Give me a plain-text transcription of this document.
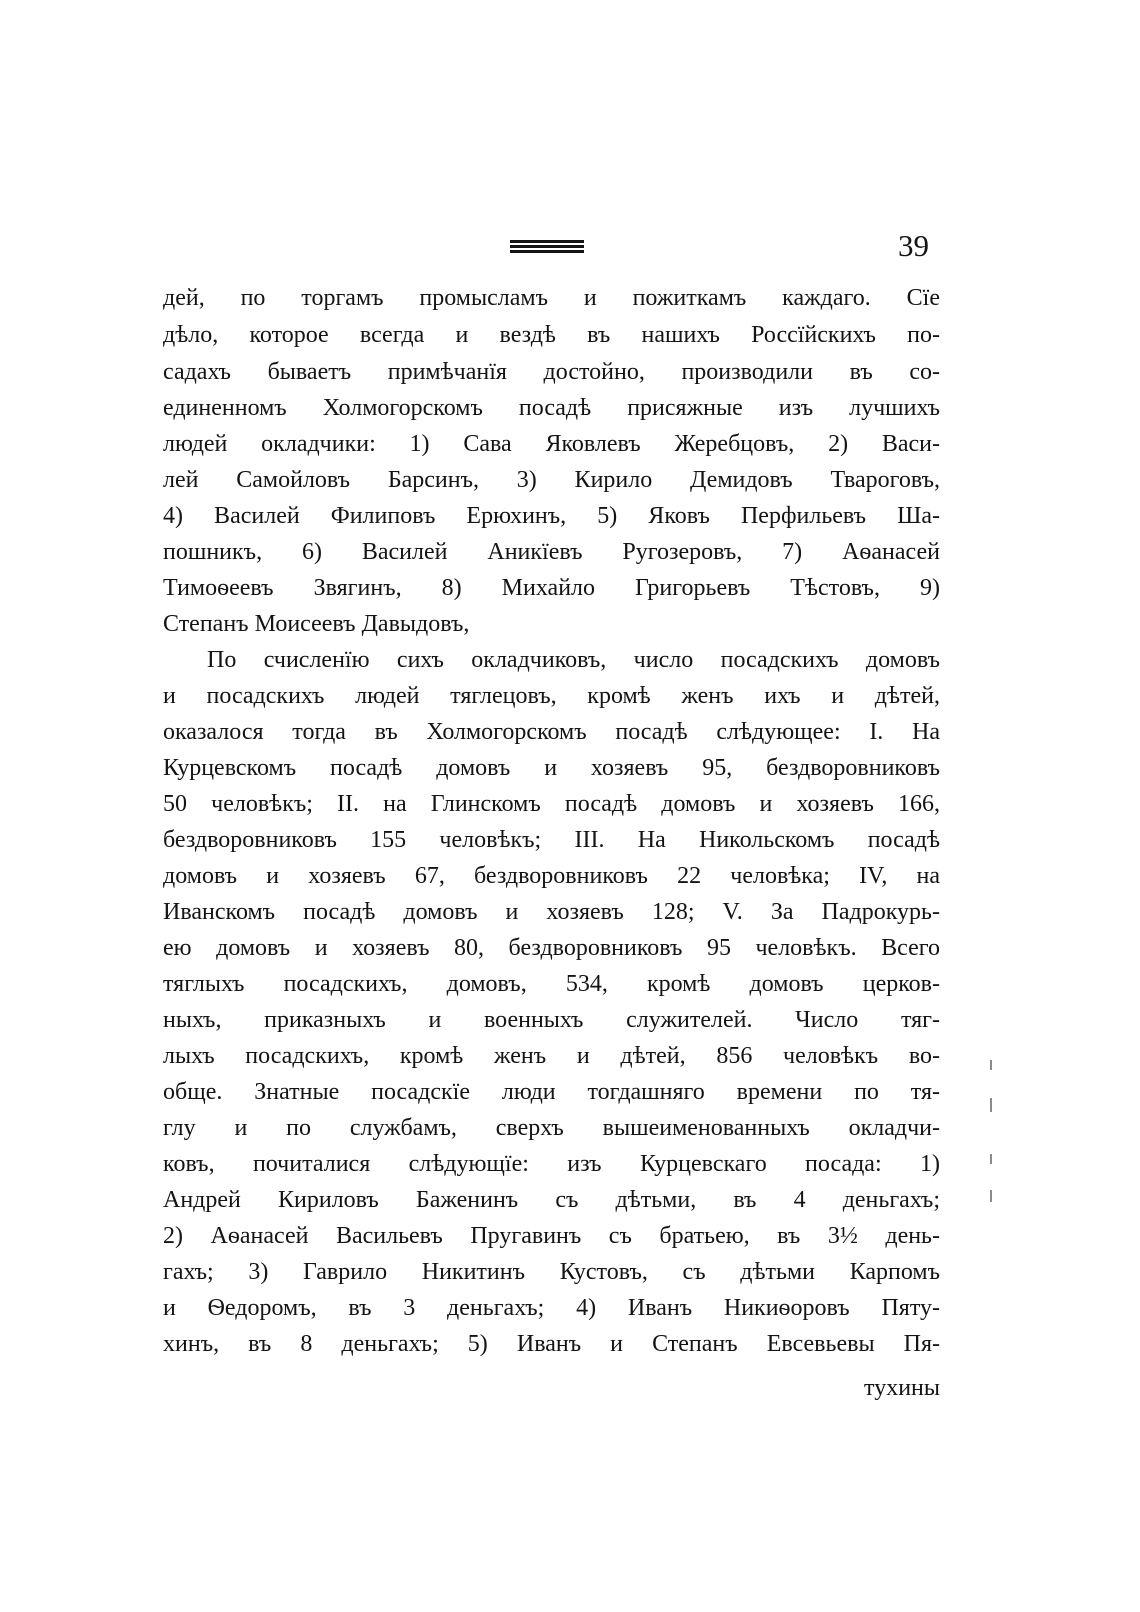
39
дей, по торгамъ промысламъ и пожиткамъ каждаго. Сїе
дѣло, которое всегда и вездѣ въ нашихъ Россїйскихъ по-
садахъ бываетъ примѣчанїя достойно, производили въ со-
единенномъ Холмогорскомъ посадѣ присяжные изъ лучшихъ
людей окладчики: 1) Сава Яковлевъ Жеребцовъ, 2) Васи-
лей Самойловъ Барсинъ, 3) Кирило Демидовъ Твароговъ,
4) Василей Филиповъ Ерюхинъ, 5) Яковъ Перфильевъ Ша-
пошникъ, 6) Василей Аникїевъ Ругозеровъ, 7) Аѳанасей
Тимоѳеевъ Звягинъ, 8) Михайло Григорьевъ Тѣстовъ, 9)
Степанъ Моисеевъ Давыдовъ,
По счисленїю сихъ окладчиковъ, число посадскихъ домовъ
и посадскихъ людей тяглецовъ, кромѣ женъ ихъ и дѣтей,
оказалося тогда въ Холмогорскомъ посадѣ слѣдующее: I. На
Курцевскомъ посадѣ домовъ и хозяевъ 95, бездворовниковъ
50 человѣкъ; II. на Глинскомъ посадѣ домовъ и хозяевъ 166,
бездворовниковъ 155 человѣкъ; III. На Никольскомъ посадѣ
домовъ и хозяевъ 67, бездворовниковъ 22 человѣка; IV, на
Иванскомъ посадѣ домовъ и хозяевъ 128; V. За Падрокурь-
ею домовъ и хозяевъ 80, бездворовниковъ 95 человѣкъ. Всего
тяглыхъ посадскихъ, домовъ, 534, кромѣ домовъ церков-
ныхъ, приказныхъ и военныхъ служителей. Число тяг-
лыхъ посадскихъ, кромѣ женъ и дѣтей, 856 человѣкъ во-
обще. Знатные посадскїе люди тогдашняго времени по тя-
глу и по службамъ, сверхъ вышеименованныхъ окладчи-
ковъ, почиталися слѣдующїе: изъ Курцевскаго посада: 1)
Андрей Кириловъ Баженинъ съ дѣтьми, въ 4 деньгахъ;
2) Аѳанасей Васильевъ Пругавинъ съ братьею, въ 3½ день-
гахъ; 3) Гаврило Никитинъ Кустовъ, съ дѣтьми Карпомъ
и Ѳедоромъ, въ 3 деньгахъ; 4) Иванъ Никиѳоровъ Пяту-
хинъ, въ 8 деньгахъ; 5) Иванъ и Степанъ Евсевьевы Пя-
тухины
